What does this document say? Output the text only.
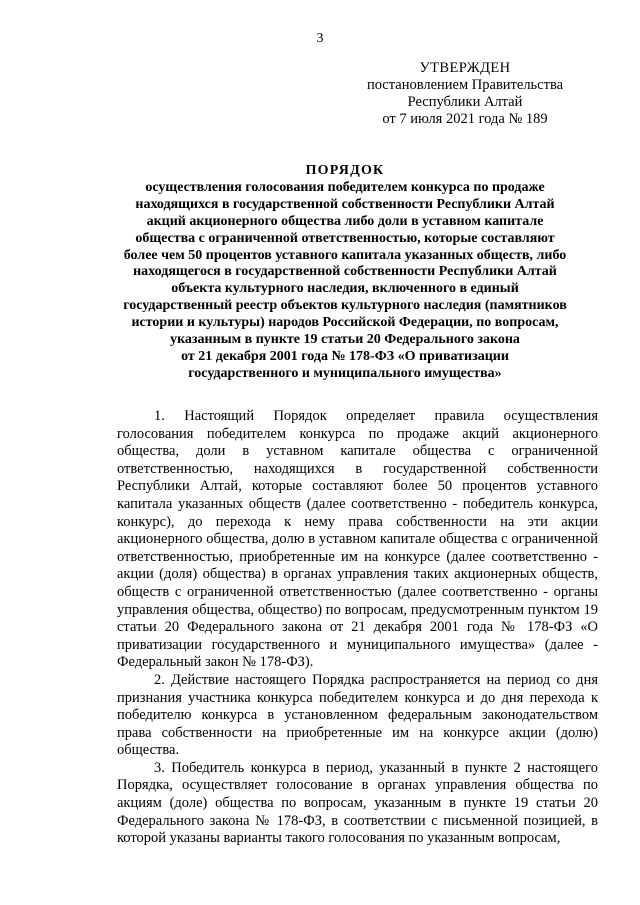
3
УТВЕРЖДЕН
постановлением Правительства
Республики Алтай
от 7 июля 2021 года № 189
ПОРЯДОК
осуществления голосования победителем конкурса по продаже
находящихся в государственной собственности Республики Алтай
акций акционерного общества либо доли в уставном капитале
общества с ограниченной ответственностью, которые составляют
более чем 50 процентов уставного капитала указанных обществ, либо
находящегося в государственной собственности Республики Алтай
объекта культурного наследия, включенного в единый
государственный реестр объектов культурного наследия (памятников
истории и культуры) народов Российской Федерации, по вопросам,
указанным в пункте 19 статьи 20 Федерального закона
от 21 декабря 2001 года № 178-ФЗ «О приватизации
государственного и муниципального имущества»

1. Настоящий Порядок определяет правила осуществления голосования победителем конкурса по продаже акций акционерного общества, доли в уставном капитале общества с ограниченной ответственностью, находящихся в государственной собственности Республики Алтай, которые составляют более 50 процентов уставного капитала указанных обществ (далее соответственно - победитель конкурса, конкурс), до перехода к нему права собственности на эти акции акционерного общества, долю в уставном капитале общества с ограниченной ответственностью, приобретенные им на конкурсе (далее соответственно - акции (доля) общества) в органах управления таких акционерных обществ, обществ с ограниченной ответственностью (далее соответственно - органы управления общества, общество) по вопросам, предусмотренным пунктом 19 статьи 20 Федерального закона от 21 декабря 2001 года № 178-ФЗ «О приватизации государственного и муниципального имущества» (далее - Федеральный закон № 178-ФЗ).

2. Действие настоящего Порядка распространяется на период со дня признания участника конкурса победителем конкурса и до дня перехода к победителю конкурса в установленном федеральным законодательством права собственности на приобретенные им на конкурсе акции (долю) общества.

3. Победитель конкурса в период, указанный в пункте 2 настоящего Порядка, осуществляет голосование в органах управления общества по акциям (доле) общества по вопросам, указанным в пункте 19 статьи 20 Федерального закона № 178-ФЗ, в соответствии с письменной позицией, в которой указаны варианты такого голосования по указанным вопросам,
